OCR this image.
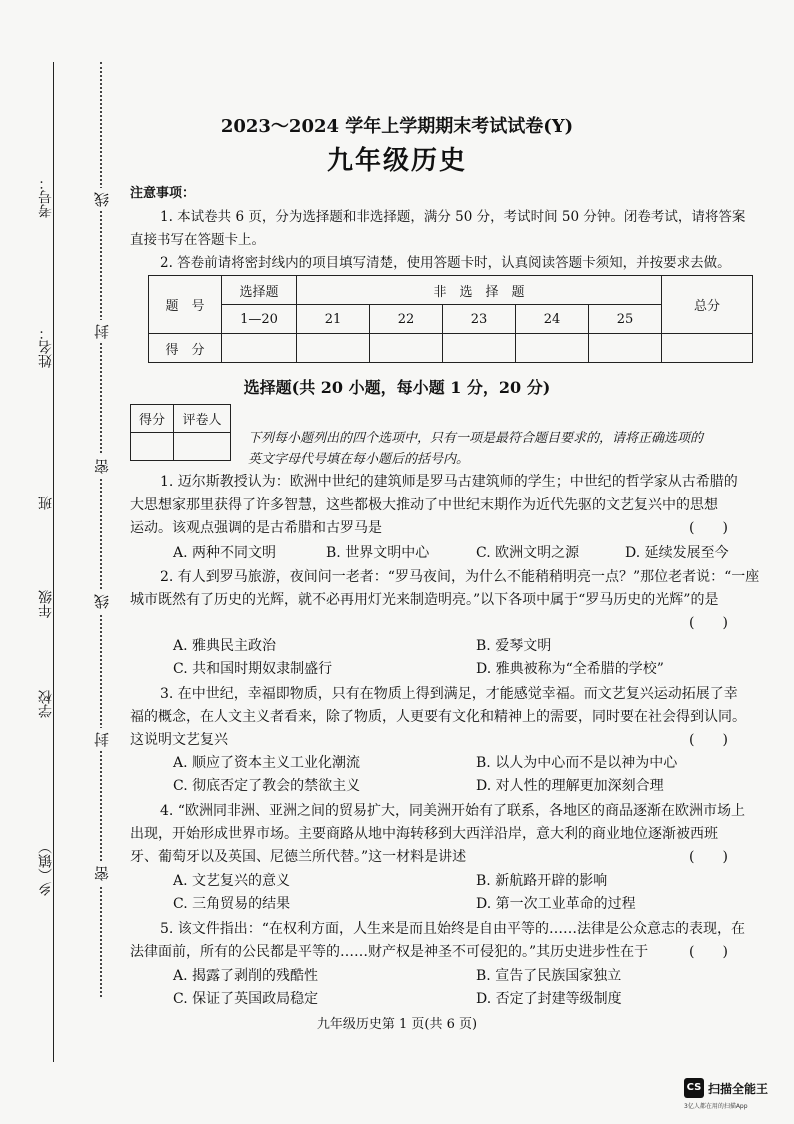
考号：
姓名：
班
年级
学校
乡（镇）
线
封
密
线
封
密
2023～2024 学年上学期期末考试试卷(Y)
九年级历史
注意事项：
1. 本试卷共 6 页，分为选择题和非选择题，满分 50 分，考试时间 50 分钟。闭卷考试，请将答案
直接书写在答题卡上。
2. 答卷前请将密封线内的项目填写清楚，使用答题卡时，认真阅读答题卡须知，并按要求去做。
题　号	选择题	非　选　择　题					总分
	1—20	21	22	23	24	25	
得　分							
选择题(共 20 小题，每小题 1 分，20 分)
得分	评卷人

下列每小题列出的四个选项中，只有一项是最符合题目要求的，请将正确选项的
英文字母代号填在每小题后的括号内。
1. 迈尔斯教授认为：欧洲中世纪的建筑师是罗马古建筑师的学生；中世纪的哲学家从古希腊的
大思想家那里获得了许多智慧，这些都极大推动了中世纪末期作为近代先驱的文艺复兴中的思想
运动。该观点强调的是古希腊和古罗马是	(　　)
A. 两种不同文明	B. 世界文明中心	C. 欧洲文明之源	D. 延续发展至今
2. 有人到罗马旅游，夜间问一老者：“罗马夜间，为什么不能稍稍明亮一点？”那位老者说：“一座
城市既然有了历史的光辉，就不必再用灯光来制造明亮。”以下各项中属于“罗马历史的光辉”的是
(　　)
A. 雅典民主政治	B. 爱琴文明
C. 共和国时期奴隶制盛行	D. 雅典被称为“全希腊的学校”
3. 在中世纪，幸福即物质，只有在物质上得到满足，才能感觉幸福。而文艺复兴运动拓展了幸
福的概念，在人文主义者看来，除了物质，人更要有文化和精神上的需要，同时要在社会得到认同。
这说明文艺复兴	(　　)
A. 顺应了资本主义工业化潮流	B. 以人为中心而不是以神为中心
C. 彻底否定了教会的禁欲主义	D. 对人性的理解更加深刻合理
4. “欧洲同非洲、亚洲之间的贸易扩大，同美洲开始有了联系，各地区的商品逐渐在欧洲市场上
出现，开始形成世界市场。主要商路从地中海转移到大西洋沿岸，意大利的商业地位逐渐被西班
牙、葡萄牙以及英国、尼德兰所代替。”这一材料是讲述	(　　)
A. 文艺复兴的意义	B. 新航路开辟的影响
C. 三角贸易的结果	D. 第一次工业革命的过程
5. 该文件指出：“在权利方面，人生来是而且始终是自由平等的……法律是公众意志的表现，在
法律面前，所有的公民都是平等的……财产权是神圣不可侵犯的。”其历史进步性在于	(　　)
A. 揭露了剥削的残酷性	B. 宣告了民族国家独立
C. 保证了英国政局稳定	D. 否定了封建等级制度
九年级历史第 1 页(共 6 页)
CS 扫描全能王
3亿人都在用的扫描App
